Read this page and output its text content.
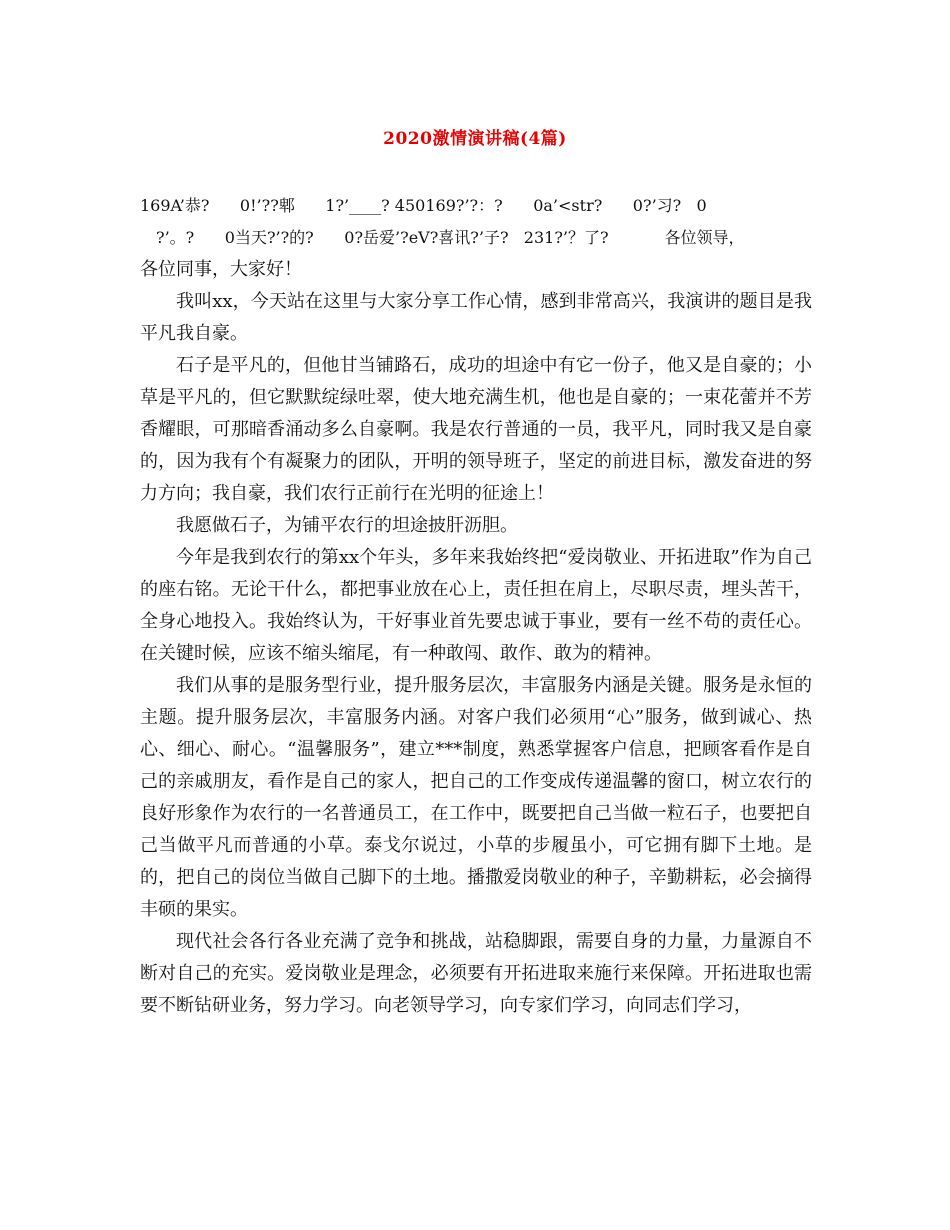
2020激情演讲稿(4篇)
169A’恭?      0!’??郫      1?’____? 450169?’?：?      0a’<str?      0?’习?   0
?’。?      0当天?’?的?      0?岳爱’?eV?喜讯?’子?   231?’？了?           各位领导，

各位同事，大家好！

我叫xx，今天站在这里与大家分享工作心情，感到非常高兴，我演讲的题目是我平凡我自豪。

石子是平凡的，但他甘当铺路石，成功的坦途中有它一份子，他又是自豪的；小草是平凡的，但它默默绽绿吐翠，使大地充满生机，他也是自豪的；一束花蕾并不芳香耀眼，可那暗香涌动多么自豪啊。我是农行普通的一员，我平凡，同时我又是自豪的，因为我有个有凝聚力的团队，开明的领导班子，坚定的前进目标，激发奋进的努力方向；我自豪，我们农行正前行在光明的征途上！

我愿做石子，为铺平农行的坦途披肝沥胆。

今年是我到农行的第xx个年头，多年来我始终把“爱岗敬业、开拓进取”作为自己的座右铭。无论干什么，都把事业放在心上，责任担在肩上，尽职尽责，埋头苦干，全身心地投入。我始终认为，干好事业首先要忠诚于事业，要有一丝不苟的责任心。在关键时候，应该不缩头缩尾，有一种敢闯、敢作、敢为的精神。

我们从事的是服务型行业，提升服务层次，丰富服务内涵是关键。服务是永恒的主题。提升服务层次，丰富服务内涵。对客户我们必须用“心”服务，做到诚心、热心、细心、耐心。“温馨服务”，建立***制度，熟悉掌握客户信息，把顾客看作是自己的亲戚朋友，看作是自己的家人，把自己的工作变成传递温馨的窗口，树立农行的良好形象作为农行的一名普通员工，在工作中，既要把自己当做一粒石子，也要把自己当做平凡而普通的小草。泰戈尔说过，小草的步履虽小，可它拥有脚下土地。是的，把自己的岗位当做自己脚下的土地。播撒爱岗敬业的种子，辛勤耕耘，必会摘得丰硕的果实。

现代社会各行各业充满了竞争和挑战，站稳脚跟，需要自身的力量，力量源自不断对自己的充实。爱岗敬业是理念，必须要有开拓进取来施行来保障。开拓进取也需要不断钻研业务，努力学习。向老领导学习，向专家们学习，向同志们学习，
